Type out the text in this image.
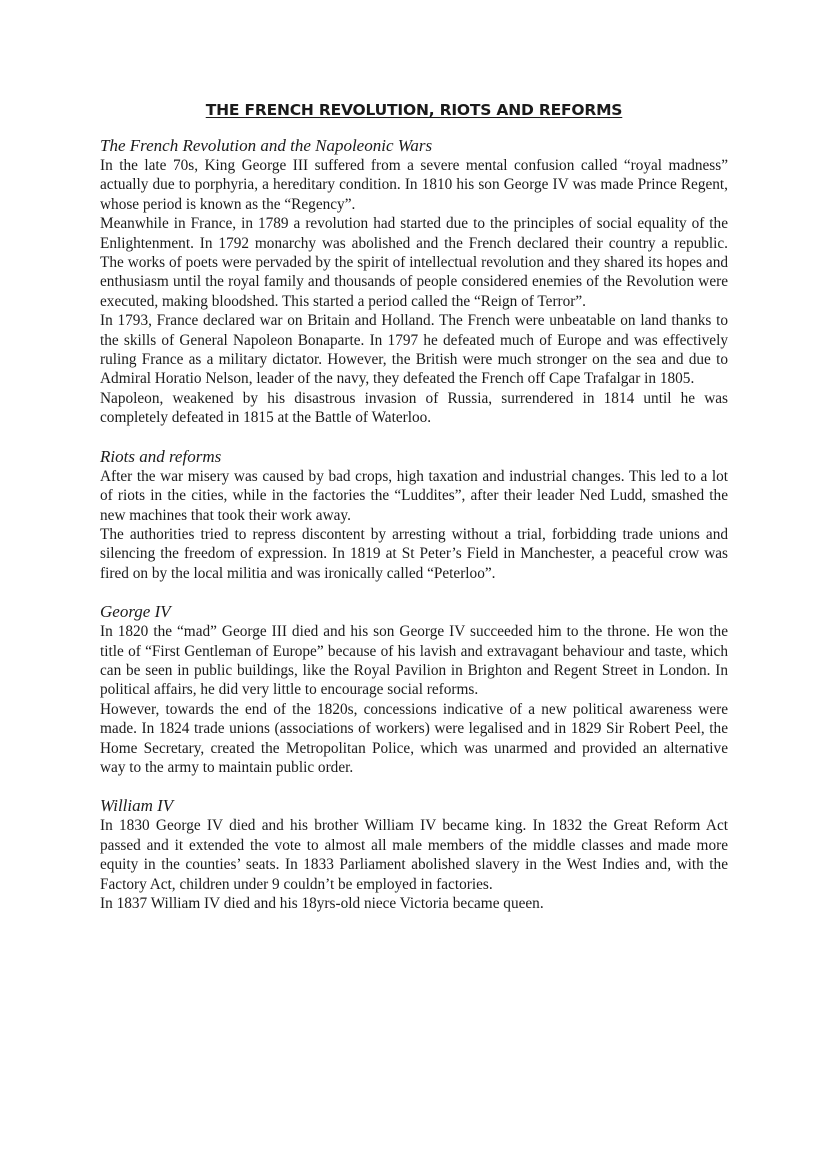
THE FRENCH REVOLUTION, RIOTS AND REFORMS
The French Revolution and the Napoleonic Wars

In the late 70s, King George III suffered from a severe mental confusion called “royal madness” actually due to porphyria, a hereditary condition. In 1810 his son George IV was made Prince Regent, whose period is known as the “Regency”.

Meanwhile in France, in 1789 a revolution had started due to the principles of social equality of the Enlightenment. In 1792 monarchy was abolished and the French declared their country a republic. The works of poets were pervaded by the spirit of intellectual revolution and they shared its hopes and enthusiasm until the royal family and thousands of people considered enemies of the Revolution were executed, making bloodshed. This started a period called the “Reign of Terror”.

In 1793, France declared war on Britain and Holland. The French were unbeatable on land thanks to the skills of General Napoleon Bonaparte. In 1797 he defeated much of Europe and was effectively ruling France as a military dictator. However, the British were much stronger on the sea and due to Admiral Horatio Nelson, leader of the navy, they defeated the French off Cape Trafalgar in 1805.

Napoleon, weakened by his disastrous invasion of Russia, surrendered in 1814 until he was completely defeated in 1815 at the Battle of Waterloo.

Riots and reforms

After the war misery was caused by bad crops, high taxation and industrial changes. This led to a lot of riots in the cities, while in the factories the “Luddites”, after their leader Ned Ludd, smashed the new machines that took their work away.

The authorities tried to repress discontent by arresting without a trial, forbidding trade unions and silencing the freedom of expression. In 1819 at St Peter’s Field in Manchester, a peaceful crow was fired on by the local militia and was ironically called “Peterloo”.

George IV

In 1820 the “mad” George III died and his son George IV succeeded him to the throne. He won the title of “First Gentleman of Europe” because of his lavish and extravagant behaviour and taste, which can be seen in public buildings, like the Royal Pavilion in Brighton and Regent Street in London. In political affairs, he did very little to encourage social reforms.

However, towards the end of the 1820s, concessions indicative of a new political awareness were made. In 1824 trade unions (associations of workers) were legalised and in 1829 Sir Robert Peel, the Home Secretary, created the Metropolitan Police, which was unarmed and provided an alternative way to the army to maintain public order.

William IV

In 1830 George IV died and his brother William IV became king. In 1832 the Great Reform Act passed and it extended the vote to almost all male members of the middle classes and made more equity in the counties’ seats. In 1833 Parliament abolished slavery in the West Indies and, with the Factory Act, children under 9 couldn’t be employed in factories.

In 1837 William IV died and his 18yrs-old niece Victoria became queen.
